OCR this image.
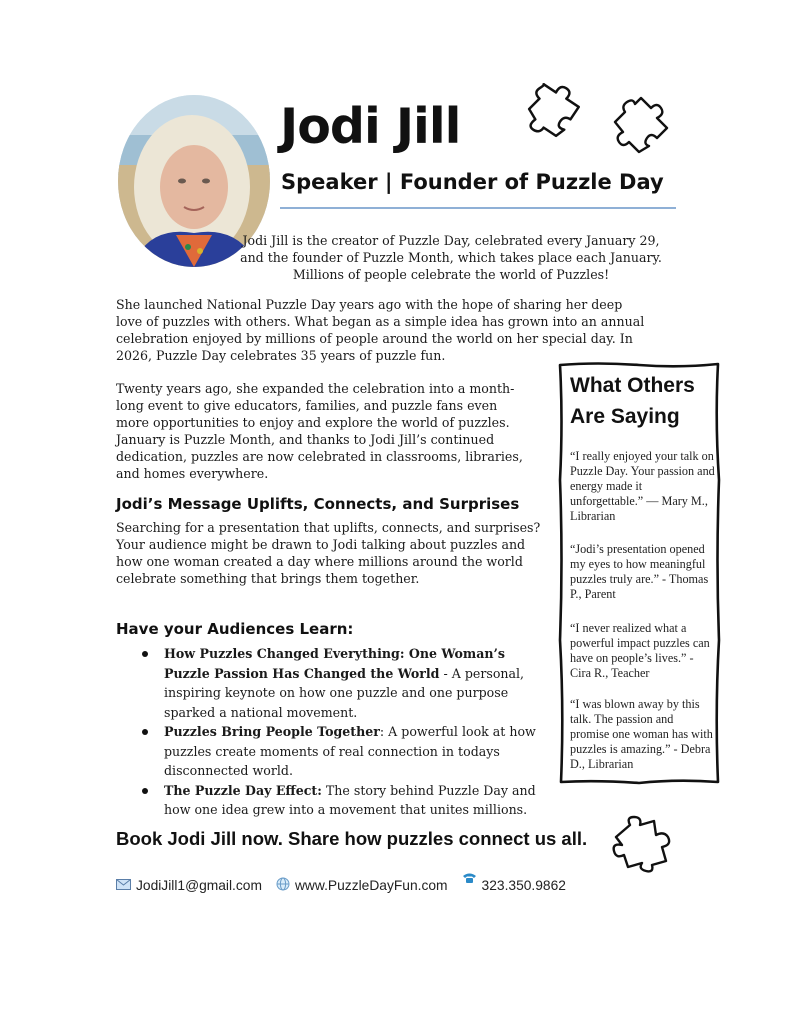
Jodi Jill
Speaker | Founder of Puzzle Day
Jodi Jill is the creator of Puzzle Day, celebrated every January 29, and the founder of Puzzle Month, which takes place each January. Millions of people celebrate the world of Puzzles!
She launched National Puzzle Day years ago with the hope of sharing her deep love of puzzles with others. What began as a simple idea has grown into an annual celebration enjoyed by millions of people around the world on her special day. In 2026, Puzzle Day celebrates 35 years of puzzle fun.
Twenty years ago, she expanded the celebration into a month-long event to give educators, families, and puzzle fans even more opportunities to enjoy and explore the world of puzzles. January is Puzzle Month, and thanks to Jodi Jill’s continued dedication, puzzles are now celebrated in classrooms, libraries, and homes everywhere.
Jodi’s Message Uplifts, Connects, and Surprises
Searching for a presentation that uplifts, connects, and surprises? Your audience might be drawn to Jodi talking about puzzles and how one woman created a day where millions around the world celebrate something that brings them together.
Have your Audiences Learn:
How Puzzles Changed Everything: One Woman’s Puzzle Passion Has Changed the World - A personal, inspiring keynote on how one puzzle and one purpose sparked a national movement.
Puzzles Bring People Together: A powerful look at how puzzles create moments of real connection in todays disconnected world.
The Puzzle Day Effect: The story behind Puzzle Day and how one idea grew into a movement that unites millions.
Book Jodi Jill now. Share how puzzles connect us all.
JodiJill1@gmail.com www.PuzzleDayFun.com 323.350.9862
What Others Are Saying
“I really enjoyed your talk on Puzzle Day. Your passion and energy made it unforgettable.” — Mary M., Librarian
“Jodi’s presentation opened my eyes to how meaningful puzzles truly are.” - Thomas P., Parent
“I never realized what a powerful impact puzzles can have on people’s lives.” - Cira R., Teacher
“I was blown away by this talk. The passion and promise one woman has with puzzles is amazing.” - Debra D., Librarian
